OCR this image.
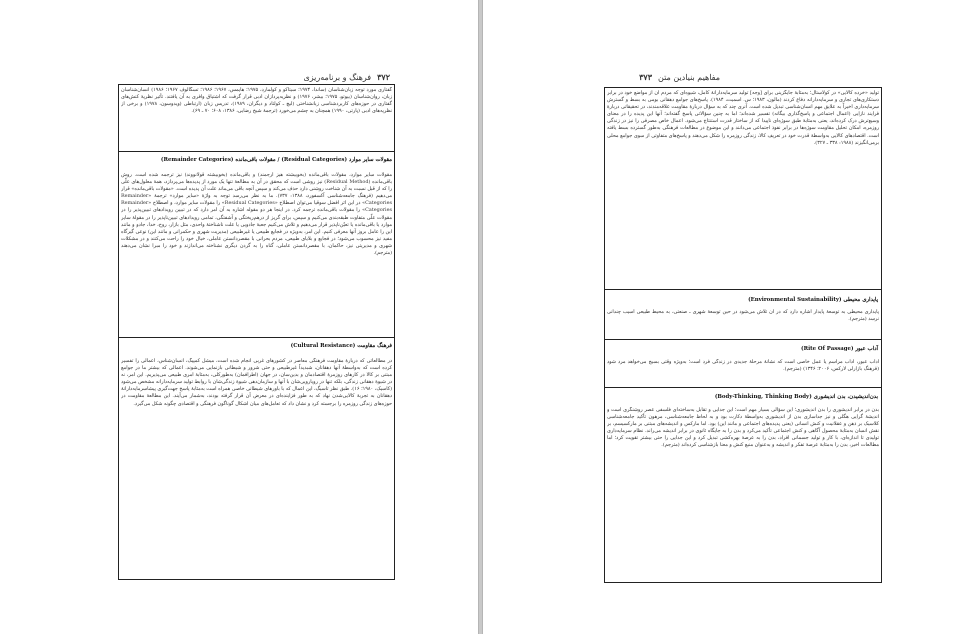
۳۷۲فرهنگ و برنامه‌ریزی

گفتاری مورد توجه زبان‌شناسان (ساندا، ۱۹۷۴؛ سیتاکو و کولمارد، ۱۹۷۵؛ هایمس، ۱۹۶۷؛ ۱۹۸۶؛ تسگالوف ۱۹۶۷؛ ۱۹۸۶) انسان‌شناسان زبان، روان‌شناسان (بیوتو، ۱۹۷۵؛ بیشر، ۱۹۷۶) و نظریه‌پردازان ادبی قرار گرفت که اشتیاق وافری به آن یافتند. تأثیر نظریهٔ کنش‌های گفتاری در حوزه‌های کاربردشناسی زبانشناختی (لیچ ـ کولتاد و دیگران، ۱۹۸۹)، تدریس زبان (ارتباطی (ویدوسون، ۱۹۷۸) و برخی از نظریه‌های ادبی (پارتی، ۱۹۹۰) همچنان به چشم می‌خورد (ترجمهٔ شیخ رضایی، ۱۳۸۶: ۶۰۸؛ ۷۰ ـ ۶۹).

مقولات سایر موارد (Residual Categories) / مقولات باقی‌مانده (Remainder Categories)

مقولات سایر موارد، مقولات باقی‌مانده (بخوبیشته هیز ارجمند) و باقی‌مانده (بخوبیشته قولانووند) نیز ترجمه شده است. روش باقی‌مانده (Residual Method) نیز روشی است که محقق در آن به مطالعهٔ تنها یک مورد از پدیده‌ها می‌پردازد، همهٔ معلول‌های علّی را که از قبل نسبت به آن شناخت روشنی دارد حذف می‌کند و سپس آنچه باقی می‌ماند علت آن پدیده است. «مقولات باقی‌مانده» قرار می‌دهیم (فرهنگ جامعه‌شناسی آکسفورد، ۱۳۸۸: ۷۳۷). ما به نظر می‌رسد توجه به واژهٔ «سایر موارد» ترجمهٔ «Remainder Categories» در این اثر افضل سوقیا می‌توان اصطلاح «Residual Categories» را مقولات سایر موارد، و اصطلاح «Remainder Categories» را مقولات باقی‌مانده ترجمه کرد. در اینجا هر دو مقوله اشاره به آن امر دارد که در تبیین رویدادهای تبیین‌پذیر را در مقولات علّی متفاوت طبقه‌بندی می‌کنیم و سپس، برای گریز از درهم‌ریختگی و آشفتگی، تمامی رویدادهای تبیین‌ناپذیر را در مقولهٔ سایر موارد یا باقی‌مانده یا تعیّن‌ناپذیر قرار می‌دهیم و تلاش می‌کنیم جعبهٔ جادویی یا علت ناشناختهٔ واحدی، مثل بازار، روح، خدا، جادو و مانند این را عامل بروز آنها معرفی کنیم. این امر، به‌ویژه در فجایع طبیعی یا غیرطبیعی (مدیریت شهری و حکمرانی و مانند این) نوعی گیرگاه مفید نیز محسوب می‌شود؛ در فجایع و بلایای طبیعی، مردم بحرانی با مقصردانستن عاملی، خیال خود را راحت می‌کنند و در مشکلات شهری و مدیریتی نیز، حاکمان، با مقصردانستن عاملی، گناه را به گردن دیگری نشناخته می‌اندازند و خود را مبرا نشان می‌دهند (مترجم).

فرهنگ مقاومت (Cultural Resistance)

در مطالعاتی که دربارهٔ مقاومت فرهنگی معاصر در کشورهای غربی انجام شده است، میشل کمپیگ، انسان‌شناس، اعمالی را تفسیر کرده است که به‌واسطهٔ آنها دهقانان، شبدیداً غیرطبیعی و حتی شرور و شیطانی بازنمایی می‌شوند. اعمالی که بیشتر ما در جوامع مبتنی بر کالا در کارهای روزمرهٔ اقتصادمان و بدین‌سان، در جهان (اطرافمان) به‌طورکلی، به‌مثابهٔ امری طبیعی می‌پذیریم. این امر، نه در شیوهٔ دهقانی زندگی، بلکه تنها در رویارویی‌شان با آنها و سازمان‌دهی شیوهٔ زندگی‌شان با روابط تولید سرمایه‌دارانه مشخص می‌شود (کاسیک، ۱۹۸۰؛ ۱۶). طبق نظر تاسیگ، این اعمال که با باورهای شیطانی خاصی همراه است به‌مثابهٔ پاسخ جهت‌گیری پیشاسرمایه‌دارانهٔ دهقانان به تجربهٔ کالایی‌شدن نهاد که به طور فزاینده‌ای در معرض آن قرار گرفته بودند، به‌شمار می‌آیند. این مطالعهٔ مقاومت در حوزه‌های زندگی روزمره را برجسته کرد و نشان داد که تعامل‌های میان اشکال گوناگون فرهنگی و اقتصادی چگونه شکل می‌گیرد.

مفاهیم بنیادین متن۳۷۳

تولید «خرده کالایی» در کولاستال؛ به‌مثابهٔ جایگزینی برای [وجه] تولید سرمایه‌دارانهٔ کامل، شیوه‌ای که مردم آن از مواضع خود در برابر دستکاری‌های تجاری و سرمایه‌دارانه دفاع کردند (مالون، ۱۹۸۳؛ س. اسمیت، ۱۹۸۴). پاسخ‌های جوامع دهقانی بومی به بسط و گسترش سرمایه‌داری اخیراً به علایق مهم انسان‌شناسی تبدیل شده است. آنری چند که به سؤال دربارهٔ مقاومت علاقه‌مندند، در تحقیقاتی دربارهٔ فرایند نازایی (اعمال اجتماعی و پاسخ‌گذاری بیگانه) تفسیر شده‌اند؛ اما به چنین سؤالاتی پاسخ گفته‌اند؛ آنها این پدیده را در معنای وسیع‌ترش درک کرده‌اند، یعنی به‌مثابهٔ طبق سوژه‌ای ناپیدا که از ساختار قدرت استنتاج می‌شود. اعمال خاص مصرفی را نیز در زندگی روزمره، امکان تحلیل مقاومت سوژه‌ها در برابر نفوذ اجتماعی می‌دانند و این موضوع در مطالعات فرهنگی به‌طور گسترده بسط یافته است. اقتصادهای کالایی به‌واسطهٔ قدرت خود در تعریف کالا، زندگی روزمره را شکل می‌دهند و پاسخ‌های متفاوتی از سوی جوامع محلی برمی‌انگیزند (۱۹۸۸: ۳۳۸ ـ ۳۲۷).

پایداری محیطی (Environmental Sustainability)

پایداری محیطی به توسعهٔ پایدار اشاره دارد که در آن تلاش می‌شود در حین توسعهٔ شهری ـ صنعتی، به محیط طبیعی آسیب چندانی نرسد (مترجم).

آداب عبور (Rite Of Passage)

آداب عبور، آداب مراسم یا عمل خاصی است که نشانهٔ مرحلهٔ جدیدی در زندگی فرد است؛ به‌ویژه وقتی بسیج می‌خواهد مرد شود (فرهنگ بازارلی لارکس، ۲۰۰۶؛ ۱۳۴۶) (مترجم).

بدن‌اندیشیدن، بدن اندیشوری (Body-Thinking, Thinking Body)

بدن در برابر اندیشوری را بدن اندیشوری؛ این سؤالی بسیار مهم است؛ این جدایی و تقابل به‌ساخته‌ای فلسفی عصر روشنگری است و اندیشهٔ گرایی هگلی و نیز جداسازی بدن از اندیشوری به‌واسطهٔ دکارت بود و به لحاظ جامعه‌شناسی، مرهون تأکید جامعه‌شناسی کلاسیک بر ذهن و عقلانیت و کنش انسانی (یعنی پدیده‌های اجتماعی و مانند این) بود. اما مارکس و اندیشه‌های مبتنی بر مارکسیسم، بر نقش انسان به‌مثابهٔ محصول آگاهی و کنش اجتماعی تأکید می‌کرد و بدن را به جایگاه ثانوی در برابر اندیشه می‌راند. نظام سرمایه‌داری تولیدی تا اندازه‌ای، با کار و تولید جسمانی افراد، بدن را به عرصهٔ بهره‌کشی تبدیل کرد و این جدایی را حتی بیشتر تقویت کرد؛ اما مطالعات اخیر، بدن را به‌مثابهٔ عرصهٔ تفکر و اندیشه و به‌عنوان منبع کنش و معنا بازشناسی کرده‌اند (مترجم).
